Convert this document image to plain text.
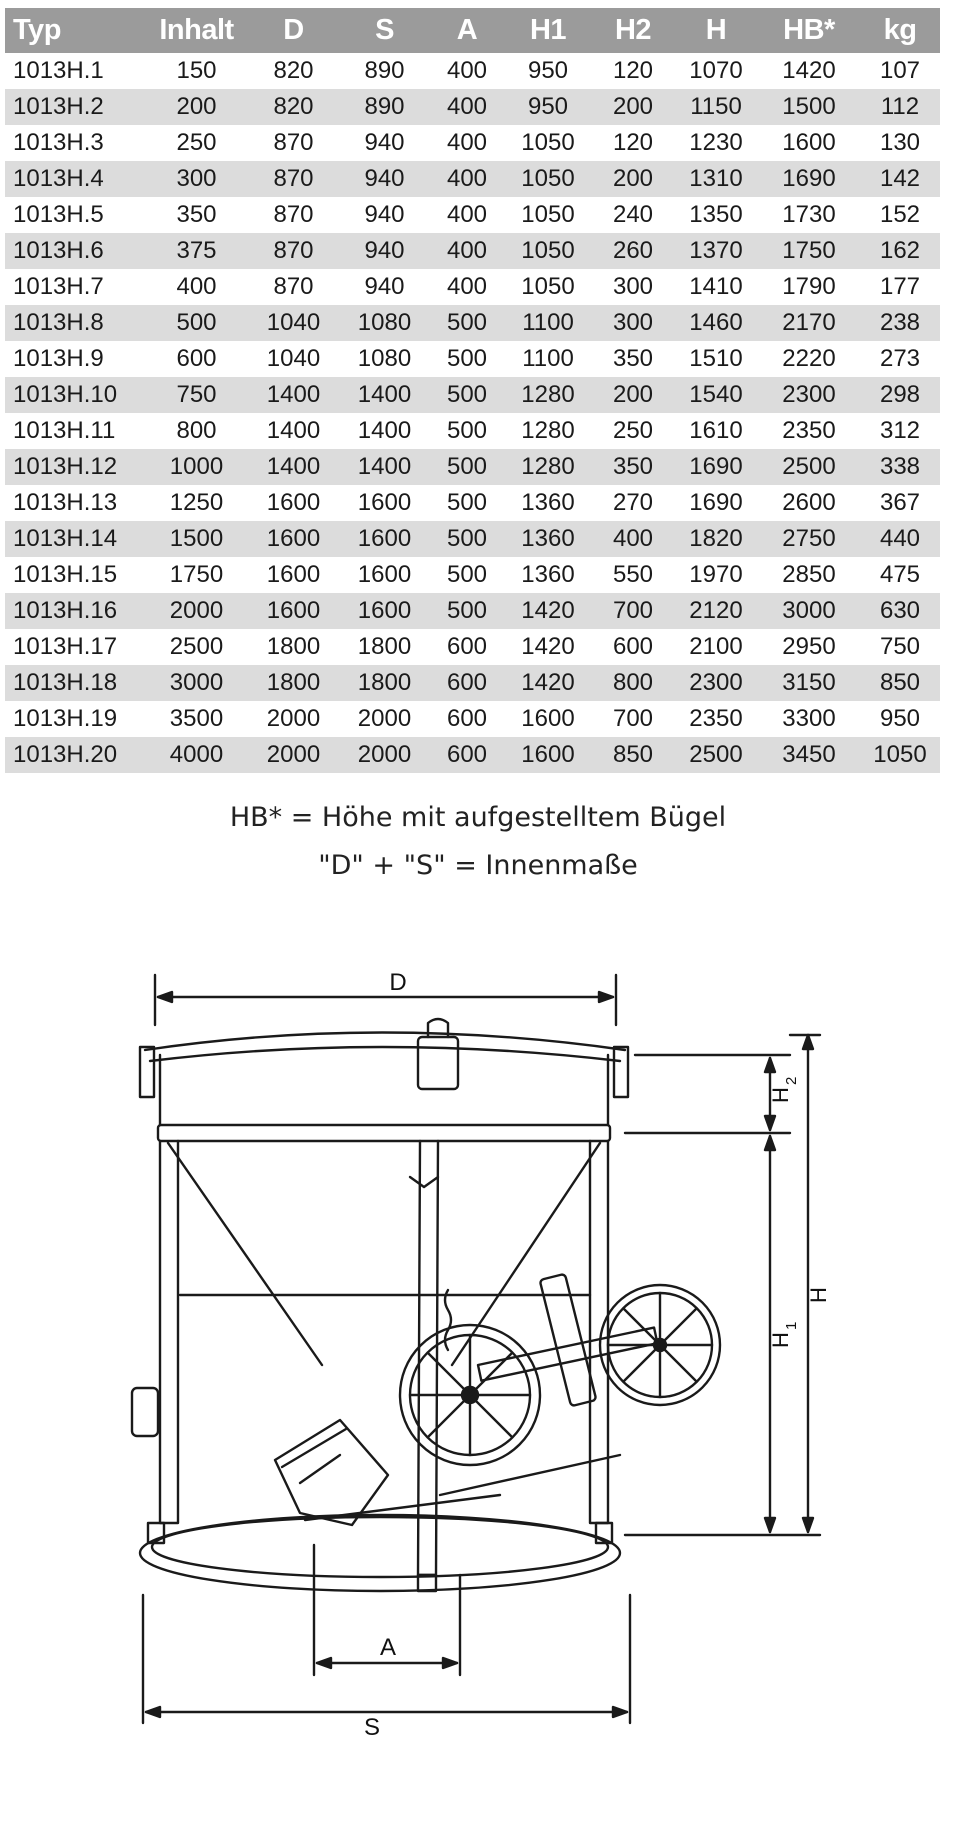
Typ	Inhalt	D	S	A	H1	H2	H	HB*	kg
1013H.1	150	820	890	400	950	120	1070	1420	107
1013H.2	200	820	890	400	950	200	1150	1500	112
1013H.3	250	870	940	400	1050	120	1230	1600	130
1013H.4	300	870	940	400	1050	200	1310	1690	142
1013H.5	350	870	940	400	1050	240	1350	1730	152
1013H.6	375	870	940	400	1050	260	1370	1750	162
1013H.7	400	870	940	400	1050	300	1410	1790	177
1013H.8	500	1040	1080	500	1100	300	1460	2170	238
1013H.9	600	1040	1080	500	1100	350	1510	2220	273
1013H.10	750	1400	1400	500	1280	200	1540	2300	298
1013H.11	800	1400	1400	500	1280	250	1610	2350	312
1013H.12	1000	1400	1400	500	1280	350	1690	2500	338
1013H.13	1250	1600	1600	500	1360	270	1690	2600	367
1013H.14	1500	1600	1600	500	1360	400	1820	2750	440
1013H.15	1750	1600	1600	500	1360	550	1970	2850	475
1013H.16	2000	1600	1600	500	1420	700	2120	3000	630
1013H.17	2500	1800	1800	600	1420	600	2100	2950	750
1013H.18	3000	1800	1800	600	1420	800	2300	3150	850
1013H.19	3500	2000	2000	600	1600	700	2350	3300	950
1013H.20	4000	2000	2000	600	1600	850	2500	3450	1050
HB* = Höhe mit aufgestelltem Bügel
"D" + "S" = Innenmaße
D
A
S
H
2
H
1
H
